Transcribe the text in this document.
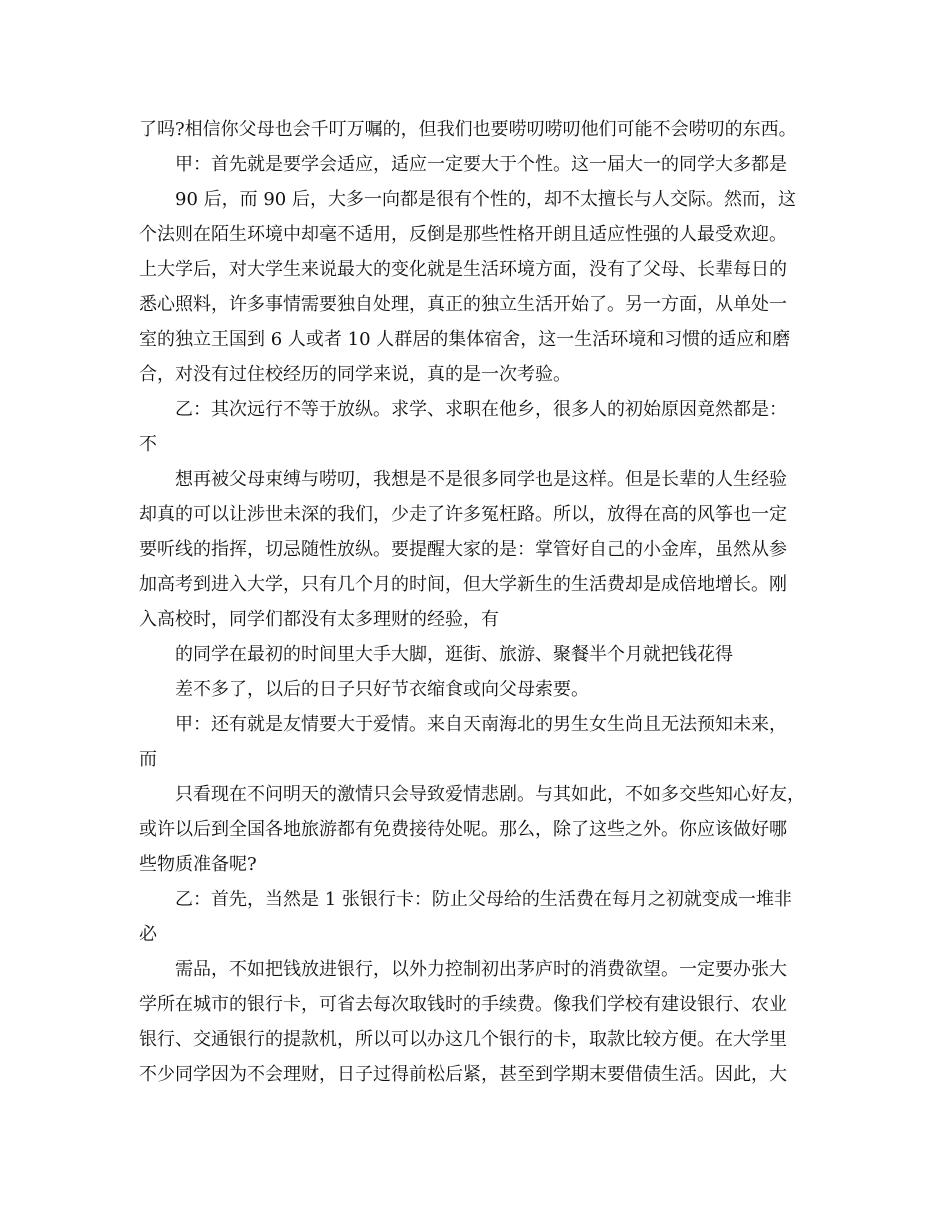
了吗?相信你父母也会千叮万嘱的，但我们也要唠叨唠叨他们可能不会唠叨的东西。
甲：首先就是要学会适应，适应一定要大于个性。这一届大一的同学大多都是
90 后，而 90 后，大多一向都是很有个性的，却不太擅长与人交际。然而，这
个法则在陌生环境中却毫不适用，反倒是那些性格开朗且适应性强的人最受欢迎。
上大学后，对大学生来说最大的变化就是生活环境方面，没有了父母、长辈每日的
悉心照料，许多事情需要独自处理，真正的独立生活开始了。另一方面，从单处一
室的独立王国到 6 人或者 10 人群居的集体宿舍，这一生活环境和习惯的适应和磨
合，对没有过住校经历的同学来说，真的是一次考验。
乙：其次远行不等于放纵。求学、求职在他乡，很多人的初始原因竟然都是：
不
想再被父母束缚与唠叨，我想是不是很多同学也是这样。但是长辈的人生经验
却真的可以让涉世未深的我们，少走了许多冤枉路。所以，放得在高的风筝也一定
要听线的指挥，切忌随性放纵。要提醒大家的是：掌管好自己的小金库，虽然从参
加高考到进入大学，只有几个月的时间，但大学新生的生活费却是成倍地增长。刚
入高校时，同学们都没有太多理财的经验，有
的同学在最初的时间里大手大脚，逛街、旅游、聚餐半个月就把钱花得
差不多了，以后的日子只好节衣缩食或向父母索要。
甲：还有就是友情要大于爱情。来自天南海北的男生女生尚且无法预知未来，
而
只看现在不问明天的激情只会导致爱情悲剧。与其如此，不如多交些知心好友，
或许以后到全国各地旅游都有免费接待处呢。那么，除了这些之外。你应该做好哪
些物质准备呢?
乙：首先，当然是 1 张银行卡：防止父母给的生活费在每月之初就变成一堆非
必
需品，不如把钱放进银行，以外力控制初出茅庐时的消费欲望。一定要办张大
学所在城市的银行卡，可省去每次取钱时的手续费。像我们学校有建设银行、农业
银行、交通银行的提款机，所以可以办这几个银行的卡，取款比较方便。在大学里
不少同学因为不会理财，日子过得前松后紧，甚至到学期末要借债生活。因此，大
